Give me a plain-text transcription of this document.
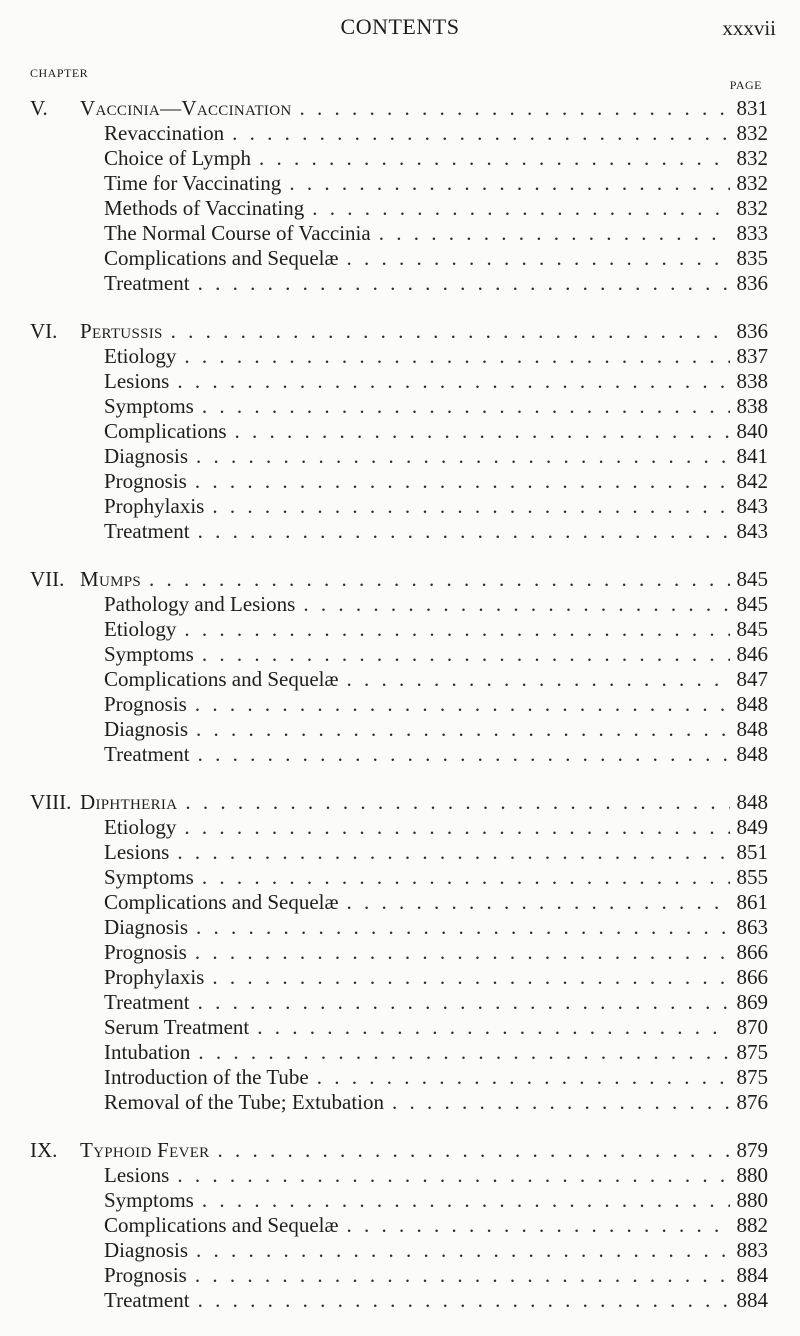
CONTENTS	xxxvii
CHAPTER
PAGE
V.	Vaccinia—Vaccination . . .	831
Revaccination . . .	832
Choice of Lymph . . .	832
Time for Vaccinating . . .	832
Methods of Vaccinating . . .	832
The Normal Course of Vaccinia . . .	833
Complications and Sequelæ . . .	835
Treatment . . .	836
VI.	Pertussis . . .	836
Etiology . . .	837
Lesions . . .	838
Symptoms . . .	838
Complications . . .	840
Diagnosis . . .	841
Prognosis . . .	842
Prophylaxis . . .	843
Treatment . . .	843
VII. Mumps . . .	845
Pathology and Lesions . . .	845
Etiology . . .	845
Symptoms . . .	846
Complications and Sequelæ . . .	847
Prognosis . . .	848
Diagnosis . . .	848
Treatment . . .	848
VIII. Diphtheria . . .	848
Etiology . . .	849
Lesions . . .	851
Symptoms . . .	855
Complications and Sequelæ . . .	861
Diagnosis . . .	863
Prognosis . . .	866
Prophylaxis . . .	866
Treatment . . .	869
Serum Treatment . . .	870
Intubation . . .	875
Introduction of the Tube . . .	875
Removal of the Tube; Extubation . . .	876
IX.	Typhoid Fever . . .	879
Lesions . . .	880
Symptoms . . .	880
Complications and Sequelæ . . .	882
Diagnosis . . .	883
Prognosis . . .	884
Treatment . . .	884
